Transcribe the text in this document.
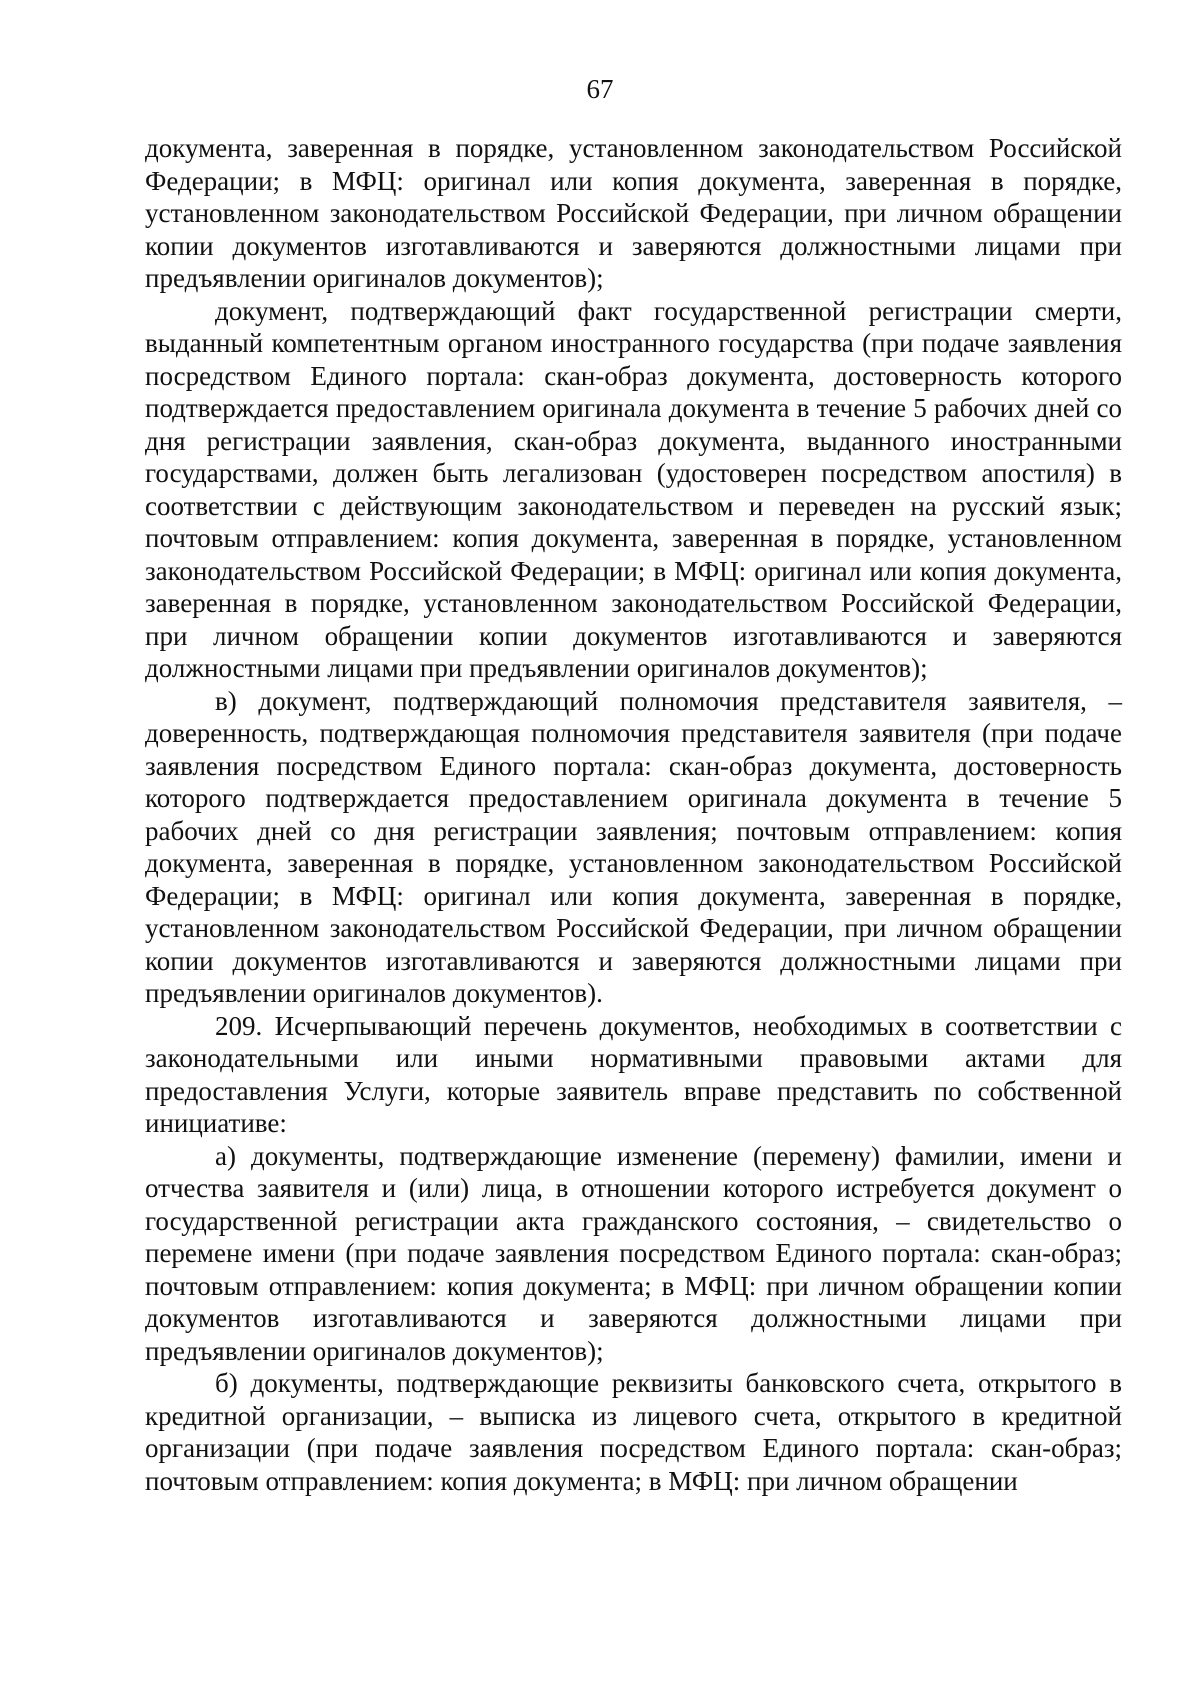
67

документа, заверенная в порядке, установленном законодательством Российской Федерации; в МФЦ: оригинал или копия документа, заверенная в порядке, установленном законодательством Российской Федерации, при личном обращении копии документов изготавливаются и заверяются должностными лицами при предъявлении оригиналов документов);

документ, подтверждающий факт государственной регистрации смерти, выданный компетентным органом иностранного государства (при подаче заявления посредством Единого портала: скан-образ документа, достоверность которого подтверждается предоставлением оригинала документа в течение 5 рабочих дней со дня регистрации заявления, скан-образ документа, выданного иностранными государствами, должен быть легализован (удостоверен посредством апостиля) в соответствии с действующим законодательством и переведен на русский язык; почтовым отправлением: копия документа, заверенная в порядке, установленном законодательством Российской Федерации; в МФЦ: оригинал или копия документа, заверенная в порядке, установленном законодательством Российской Федерации, при личном обращении копии документов изготавливаются и заверяются должностными лицами при предъявлении оригиналов документов);

в) документ, подтверждающий полномочия представителя заявителя, – доверенность, подтверждающая полномочия представителя заявителя (при подаче заявления посредством Единого портала: скан-образ документа, достоверность которого подтверждается предоставлением оригинала документа в течение 5 рабочих дней со дня регистрации заявления; почтовым отправлением: копия документа, заверенная в порядке, установленном законодательством Российской Федерации; в МФЦ: оригинал или копия документа, заверенная в порядке, установленном законодательством Российской Федерации, при личном обращении копии документов изготавливаются и заверяются должностными лицами при предъявлении оригиналов документов).

209. Исчерпывающий перечень документов, необходимых в соответствии с законодательными или иными нормативными правовыми актами для предоставления Услуги, которые заявитель вправе представить по собственной инициативе:

а) документы, подтверждающие изменение (перемену) фамилии, имени и отчества заявителя и (или) лица, в отношении которого истребуется документ о государственной регистрации акта гражданского состояния, – свидетельство о перемене имени (при подаче заявления посредством Единого портала: скан-образ; почтовым отправлением: копия документа; в МФЦ: при личном обращении копии документов изготавливаются и заверяются должностными лицами при предъявлении оригиналов документов);

б) документы, подтверждающие реквизиты банковского счета, открытого в кредитной организации, – выписка из лицевого счета, открытого в кредитной организации (при подаче заявления посредством Единого портала: скан-образ; почтовым отправлением: копия документа; в МФЦ: при личном обращении
